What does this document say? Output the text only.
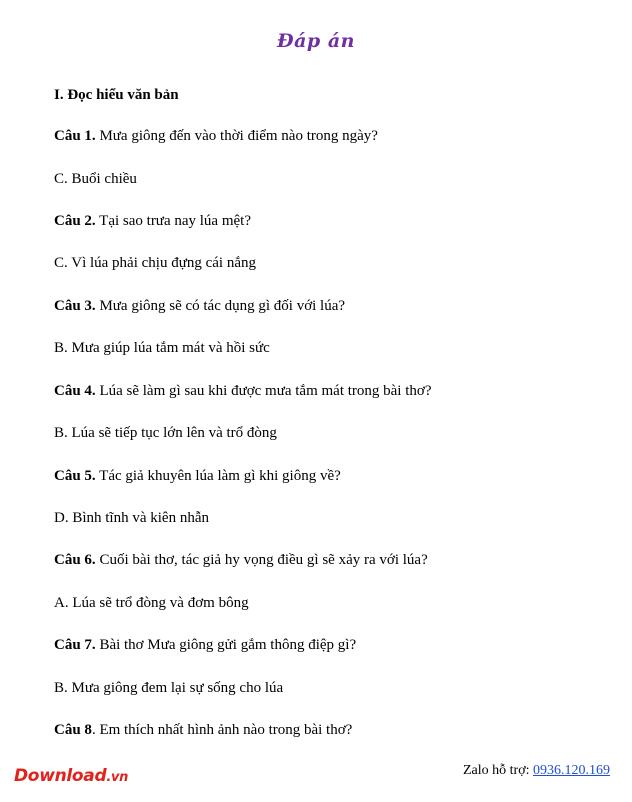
Đáp án
I. Đọc hiểu văn bản
Câu 1. Mưa giông đến vào thời điểm nào trong ngày?
C. Buổi chiều
Câu 2. Tại sao trưa nay lúa mệt?
C. Vì lúa phải chịu đựng cái nắng
Câu 3. Mưa giông sẽ có tác dụng gì đối với lúa?
B. Mưa giúp lúa tắm mát và hồi sức
Câu 4. Lúa sẽ làm gì sau khi được mưa tắm mát trong bài thơ?
B. Lúa sẽ tiếp tục lớn lên và trổ đòng
Câu 5. Tác giả khuyên lúa làm gì khi giông về?
D. Bình tĩnh và kiên nhẫn
Câu 6. Cuối bài thơ, tác giả hy vọng điều gì sẽ xảy ra với lúa?
A. Lúa sẽ trổ đòng và đơm bông
Câu 7. Bài thơ Mưa giông gửi gắm thông điệp gì?
B. Mưa giông đem lại sự sống cho lúa
Câu 8. Em thích nhất hình ảnh nào trong bài thơ?
Download.vn	Zalo hỗ trợ: 0936.120.169
